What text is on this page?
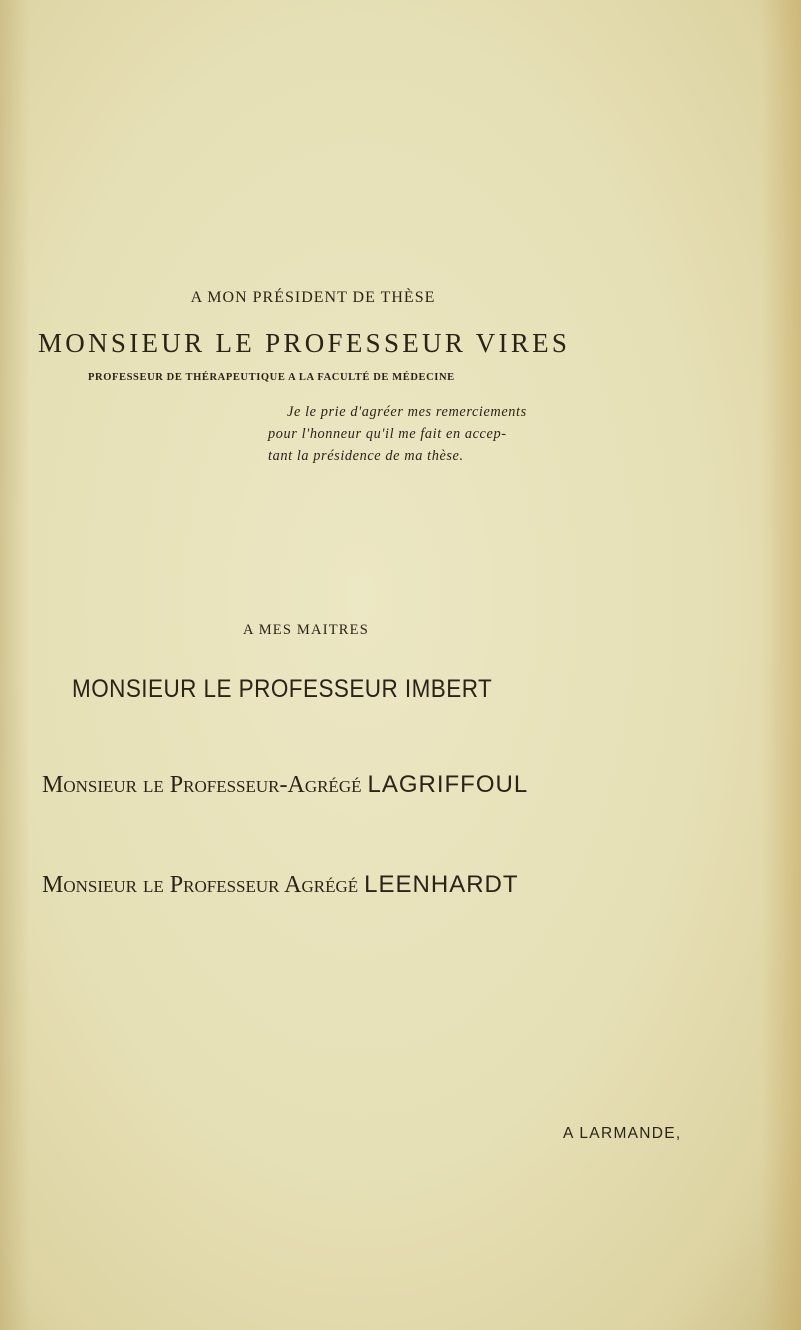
A MON PRÉSIDENT DE THÈSE
MONSIEUR LE PROFESSEUR VIRES
PROFESSEUR DE THÉRAPEUTIQUE A LA FACULTÉ DE MÉDECINE
Je le prie d'agréer mes remerciements
pour l'honneur qu'il me fait en accep-
tant la présidence de ma thèse.
A MES MAITRES
MONSIEUR LE PROFESSEUR IMBERT
Monsieur le Professeur-Agrégé LAGRIFFOUL
Monsieur le Professeur Agrégé LEENHARDT
A LARMANDE,
